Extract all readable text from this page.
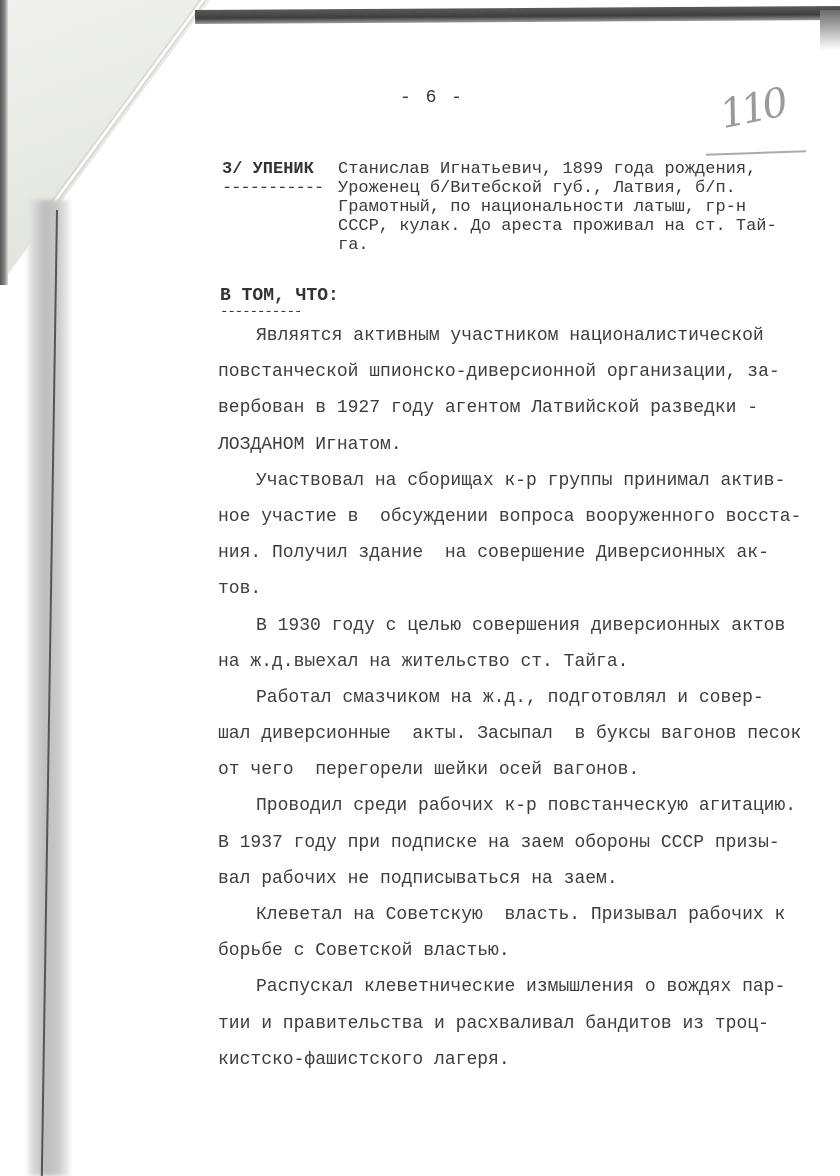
- 6 -	110
3/ УПЕНИК	Станислав Игнатьевич, 1899 года рождения,
----------- Уроженец б/Витебской губ., Латвия, б/п.
Грамотный, по национальности латыш, гр-н
СССР, кулак. До ареста проживал на ст. Тай-
га.
В ТОМ, ЧТО:
-----------
Являятся активным участником националистической
повстанческой шпионско-диверсионной организации, за-
вербован в 1927 году агентом Латвийской разведки -
ЛОЗДАНОМ Игнатом.
Участвовал на сборищах к-р группы принимал актив-
ное участие в  обсуждении вопроса вооруженного восста-
ния. Получил здание  на совершение Диверсионных ак-
тов.
В 1930 году с целью совершения диверсионных актов
на ж.д.выехал на жительство ст. Тайга.
Работал смазчиком на ж.д., подготовлял и совер-
шал диверсионные  акты. Засыпал  в буксы вагонов песок
от чего  перегорели шейки осей вагонов.
Проводил среди рабочих к-р повстанческую агитацию.
В 1937 году при подписке на заем обороны СССР призы-
вал рабочих не подписываться на заем.
Клеветал на Советскую  власть. Призывал рабочих к
борьбе с Советской властью.
Распускал клеветнические измышления о вождях пар-
тии и правительства и расхваливал бандитов из троц-
кистско-фашистского лагеря.
